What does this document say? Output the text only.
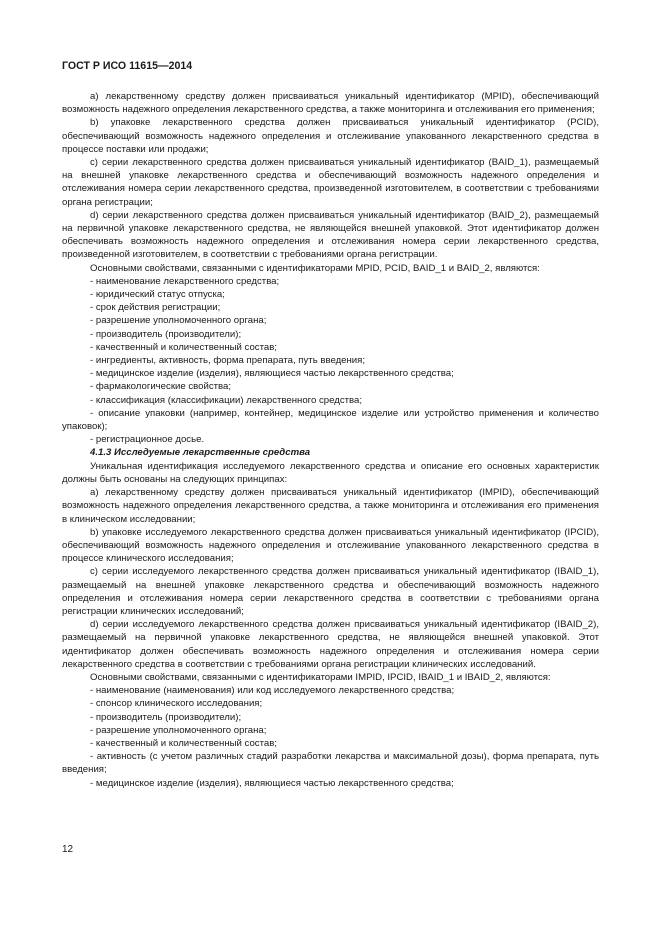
ГОСТ Р ИСО 11615—2014

a) лекарственному средству должен присваиваться уникальный идентификатор (MPID), обеспечивающий возможность надежного определения лекарственного средства, а также мониторинга и отслеживания его применения;

b) упаковке лекарственного средства должен присваиваться уникальный идентификатор (PCID), обеспечивающий возможность надежного определения и отслеживание упакованного лекарственного средства в процессе поставки или продажи;

c) серии лекарственного средства должен присваиваться уникальный идентификатор (BAID_1), размещаемый на внешней упаковке лекарственного средства и обеспечивающий возможность надежного определения и отслеживания номера серии лекарственного средства, произведенной изготовителем, в соответствии с требованиями органа регистрации;

d) серии лекарственного средства должен присваиваться уникальный идентификатор (BAID_2), размещаемый на первичной упаковке лекарственного средства, не являющейся внешней упаковкой. Этот идентификатор должен обеспечивать возможность надежного определения и отслеживания номера серии лекарственного средства, произведенной изготовителем, в соответствии с требованиями органа регистрации.

Основными свойствами, связанными с идентификаторами MPID, PCID, BAID_1 и BAID_2, являются:

- наименование лекарственного средства;

- юридический статус отпуска;

- срок действия регистрации;

- разрешение уполномоченного органа;

- производитель (производители);

- качественный и количественный состав;

- ингредиенты, активность, форма препарата, путь введения;

- медицинское изделие (изделия), являющиеся частью лекарственного средства;

- фармакологические свойства;

- классификация (классификации) лекарственного средства;

- описание упаковки (например, контейнер, медицинское изделие или устройство применения и количество упаковок);

- регистрационное досье.

4.1.3 Исследуемые лекарственные средства

Уникальная идентификация исследуемого лекарственного средства и описание его основных характеристик должны быть основаны на следующих принципах:

a) лекарственному средству должен присваиваться уникальный идентификатор (IMPID), обеспечивающий возможность надежного определения лекарственного средства, а также мониторинга и отслеживания его применения в клиническом исследовании;

b) упаковке исследуемого лекарственного средства должен присваиваться уникальный идентификатор (IPCID), обеспечивающий возможность надежного определения и отслеживание упакованного лекарственного средства в процессе клинического исследования;

c) серии исследуемого лекарственного средства должен присваиваться уникальный идентификатор (IBAID_1), размещаемый на внешней упаковке лекарственного средства и обеспечивающий возможность надежного определения и отслеживания номера серии лекарственного средства в соответствии с требованиями органа регистрации клинических исследований;

d) серии исследуемого лекарственного средства должен присваиваться уникальный идентификатор (IBAID_2), размещаемый на первичной упаковке лекарственного средства, не являющейся внешней упаковкой. Этот идентификатор должен обеспечивать возможность надежного определения и отслеживания номера серии лекарственного средства в соответствии с требованиями органа регистрации клинических исследований.

Основными свойствами, связанными с идентификаторами IMPID, IPCID, IBAID_1 и IBAID_2, являются:

- наименование (наименования) или код исследуемого лекарственного средства;

- спонсор клинического исследования;

- производитель (производители);

- разрешение уполномоченного органа;

- качественный и количественный состав;

- активность (с учетом различных стадий разработки лекарства и максимальной дозы), форма препарата, путь введения;

- медицинское изделие (изделия), являющиеся частью лекарственного средства;

12
